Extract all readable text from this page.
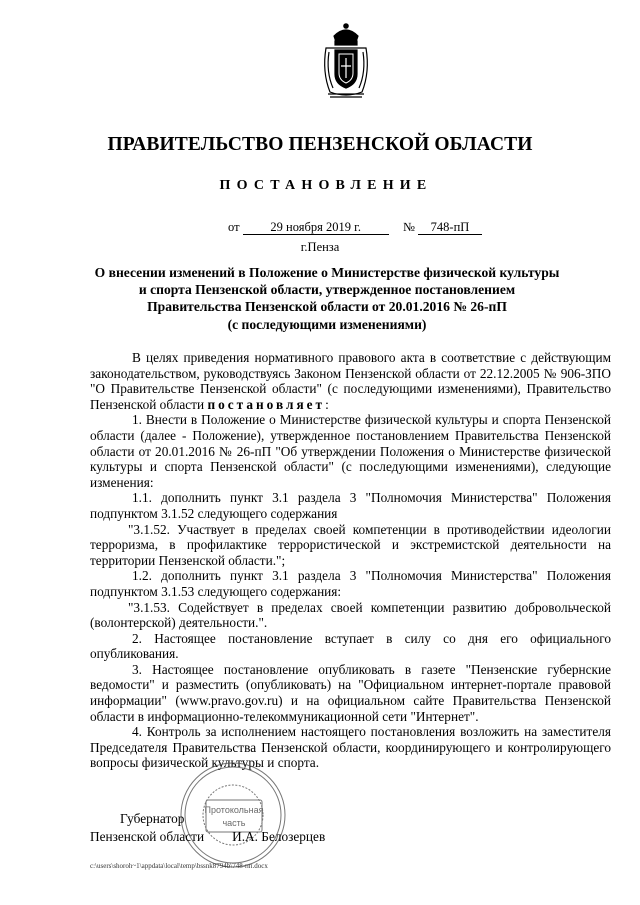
ПРАВИТЕЛЬСТВО ПЕНЗЕНСКОЙ ОБЛАСТИ
ПОСТАНОВЛЕНИЕ
от 29 ноября 2019 г.	№ 748-пП
г.Пенза
О внесении изменений в Положение о Министерстве физической культуры
и спорта Пензенской области, утвержденное постановлением
Правительства Пензенской области от 20.01.2016 № 26-пП
(с последующими изменениями)

В целях приведения нормативного правового акта в соответствие с действующим законодательством, руководствуясь Законом Пензенской области от 22.12.2005 № 906-ЗПО "О Правительстве Пензенской области" (с последующими изменениями), Правительство Пензенской области постановляет:

1. Внести в Положение о Министерстве физической культуры и спорта Пензенской области (далее - Положение), утвержденное постановлением Правительства Пензенской области от 20.01.2016 № 26-пП "Об утверждении Положения о Министерстве физической культуры и спорта Пензенской области" (с последующими изменениями), следующие изменения:

1.1. дополнить пункт 3.1 раздела 3 "Полномочия Министерства" Положения подпунктом 3.1.52 следующего содержания

"3.1.52. Участвует в пределах своей компетенции в противодействии идеологии терроризма, в профилактике террористической и экстремистской деятельности на территории Пензенской области.";

1.2. дополнить пункт 3.1 раздела 3 "Полномочия Министерства" Положения подпунктом 3.1.53 следующего содержания:

"3.1.53. Содействует в пределах своей компетенции развитию добровольческой (волонтерской) деятельности.".

2. Настоящее постановление вступает в силу со дня его официального опубликования.

3. Настоящее постановление опубликовать в газете "Пензенские губернские ведомости" и разместить (опубликовать) на "Официальном интернет-портале правовой информации" (www.pravo.gov.ru) и на официальном сайте Правительства Пензенской области в информационно-телекоммуникационной сети "Интернет".

4. Контроль за исполнением настоящего постановления возложить на заместителя Председателя Правительства Пензенской области, координирующего и контролирующего вопросы физической культуры и спорта.

Протокольная
часть
Губернатор
Пензенской области И.А. Белозерцев
c:\users\shoroh~1\appdata\local\temp\bssnk8794b\748-пп.docx
